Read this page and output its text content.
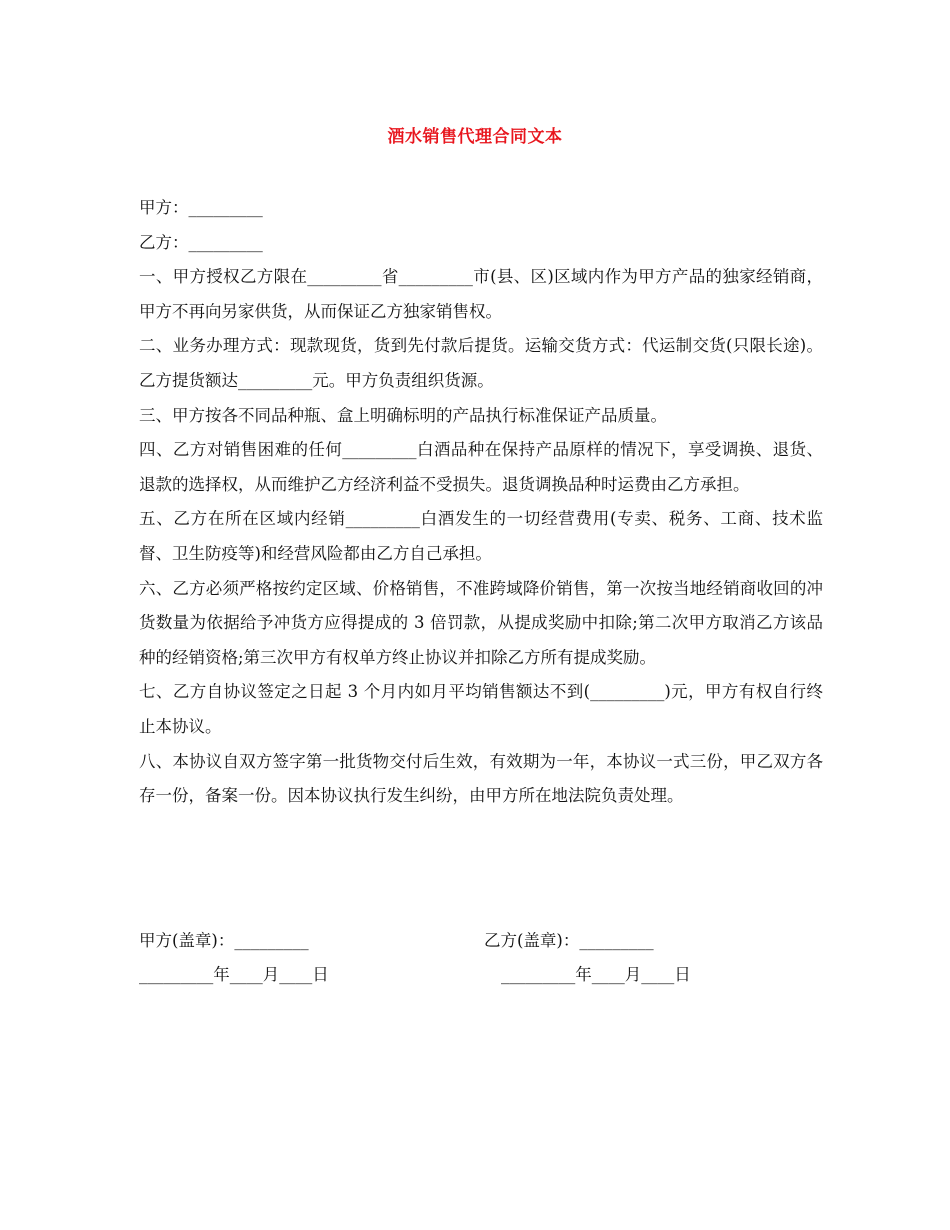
酒水销售代理合同文本

甲方：_________

乙方：_________

一、甲方授权乙方限在_________省_________市(县、区)区域内作为甲方产品的独家经销商，甲方不再向另家供货，从而保证乙方独家销售权。

二、业务办理方式：现款现货，货到先付款后提货。运输交货方式：代运制交货(只限长途)。乙方提货额达_________元。甲方负责组织货源。

三、甲方按各不同品种瓶、盒上明确标明的产品执行标准保证产品质量。

四、乙方对销售困难的任何_________白酒品种在保持产品原样的情况下，享受调换、退货、退款的选择权，从而维护乙方经济利益不受损失。退货调换品种时运费由乙方承担。

五、乙方在所在区域内经销_________白酒发生的一切经营费用(专卖、税务、工商、技术监督、卫生防疫等)和经营风险都由乙方自己承担。

六、乙方必须严格按约定区域、价格销售，不准跨域降价销售，第一次按当地经销商收回的冲货数量为依据给予冲货方应得提成的 3 倍罚款，从提成奖励中扣除;第二次甲方取消乙方该品种的经销资格;第三次甲方有权单方终止协议并扣除乙方所有提成奖励。

七、乙方自协议签定之日起 3 个月内如月平均销售额达不到(_________)元，甲方有权自行终止本协议。

八、本协议自双方签字第一批货物交付后生效，有效期为一年，本协议一式三份，甲乙双方各存一份，备案一份。因本协议执行发生纠纷，由甲方所在地法院负责处理。

甲方(盖章)：_________

	乙方(盖章)：_________

_________年____月____日

	_________年____月____日
